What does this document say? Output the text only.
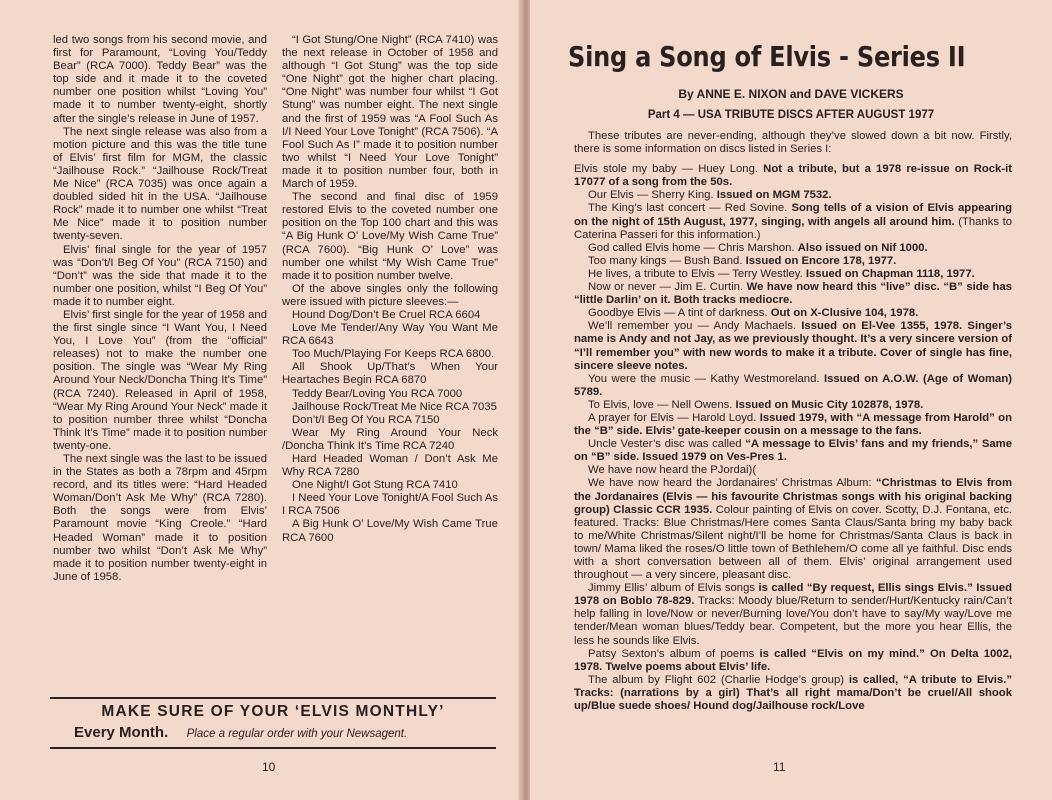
led two songs from his second movie, and first for Paramount, “Loving You/Teddy Bear” (RCA 7000). Teddy Bear” was the top side and it made it to the coveted number one position whilst “Loving You” made it to number twenty-eight, shortly after the single’s release in June of 1957.

The next single release was also from a motion picture and this was the title tune of Elvis’ first film for MGM, the classic “Jailhouse Rock.” “Jailhouse Rock/Treat Me Nice” (RCA 7035) was once again a doubled sided hit in the USA. “Jailhouse Rock” made it to number one whilst “Treat Me Nice” made it to position number twenty-seven.

Elvis’ final single for the year of 1957 was “Don’t/I Beg Of You” (RCA 7150) and “Don’t” was the side that made it to the number one position, whilst “I Beg Of You” made it to number eight.

Elvis’ first single for the year of 1958 and the first single since “I Want You, I Need You, I Love You” (from the “official” releases) not to make the number one position. The single was “Wear My Ring Around Your Neck/Doncha Thing It’s Time” (RCA 7240). Released in April of 1958, “Wear My Ring Around Your Neck” made it to position number three whilst “Doncha Think It’s Time” made it to position number twenty-one.

The next single was the last to be issued in the States as both a 78rpm and 45rpm record, and its titles were: “Hard Headed Woman/Don’t Ask Me Why” (RCA 7280). Both the songs were from Elvis’ Paramount movie “King Creole.” “Hard Headed Woman” made it to position number two whilst “Don’t Ask Me Why” made it to position number twenty-eight in June of 1958.

“I Got Stung/One Night” (RCA 7410) was the next release in October of 1958 and although “I Got Stung” was the top side “One Night” got the higher chart placing. “One Night” was number four whilst “I Got Stung” was number eight. The next single and the first of 1959 was “A Fool Such As I/I Need Your Love Tonight” (RCA 7506). “A Fool Such As I” made it to position number two whilst “I Need Your Love Tonight” made it to position number four, both in March of 1959.

The second and final disc of 1959 restored Elvis to the coveted number one position on the Top 100 chart and this was “A Big Hunk O’ Love/My Wish Came True” (RCA 7600). “Big Hunk O’ Love” was number one whilst “My Wish Came True” made it to position number twelve.

Of the above singles only the following were issued with picture sleeves:—

Hound Dog/Don’t Be Cruel RCA 6604

Love Me Tender/Any Way You Want Me RCA 6643

Too Much/Playing For Keeps RCA 6800.

All Shook Up/That’s When Your Heartaches Begin RCA 6870

Teddy Bear/Loving You RCA 7000

Jailhouse Rock/Treat Me Nice RCA 7035

Don’t/I Beg Of You RCA 7150

Wear My Ring Around Your Neck /Doncha Think It’s Time RCA 7240

Hard Headed Woman / Don’t Ask Me Why RCA 7280

One Night/I Got Stung RCA 7410

I Need Your Love Tonight/A Fool Such As I RCA 7506

A Big Hunk O’ Love/My Wish Came True RCA 7600

MAKE SURE OF YOUR ‘ELVIS MONTHLY’
Every Month. Place a regular order with your Newsagent.
10
Sing a Song of Elvis - Series II
By ANNE E. NIXON and DAVE VICKERS
Part 4 — USA TRIBUTE DISCS AFTER AUGUST 1977

These tributes are never-ending, although they’ve slowed down a bit now. Firstly, there is some information on discs listed in Series I:

Elvis stole my baby — Huey Long. Not a tribute, but a 1978 re-issue on Rock-it 17077 of a song from the 50s.

Our Elvis — Sherry King. Issued on MGM 7532.

The King’s last concert — Red Sovine. Song tells of a vision of Elvis appearing on the night of 15th August, 1977, singing, with angels all around him. (Thanks to Caterina Passeri for this information.)

God called Elvis home — Chris Marshon. Also issued on Nif 1000.

Too many kings — Bush Band. Issued on Encore 178, 1977.

He lives, a tribute to Elvis — Terry Westley. Issued on Chapman 1118, 1977.

Now or never — Jim E. Curtin. We have now heard this “live” disc. “B” side has “little Darlin’ on it. Both tracks mediocre.

Goodbye Elvis — A tint of darkness. Out on X-Clusive 104, 1978.

We’ll remember you — Andy Machaels. Issued on El-Vee 1355, 1978. Singer’s name is Andy and not Jay, as we previously thought. It’s a very sincere version of “I’ll remember you” with new words to make it a tribute. Cover of single has fine, sincere sleeve notes.

You were the music — Kathy Westmoreland. Issued on A.O.W. (Age of Woman) 5789.

To Elvis, love — Nell Owens. Issued on Music City 102878, 1978.

A prayer for Elvis — Harold Loyd. Issued 1979, with “A message from Harold” on the “B” side. Elvis’ gate-keeper cousin on a message to the fans.

Uncle Vester’s disc was called “A message to Elvis’ fans and my friends,” Same on “B” side. Issued 1979 on Ves-Pres 1.

We have now heard the PJordai)(

We have now heard the Jordanaires’ Christmas Album: “Christmas to Elvis from the Jordanaires (Elvis — his favourite Christmas songs with his original backing group) Classic CCR 1935. Colour painting of Elvis on cover. Scotty, D.J. Fontana, etc. featured. Tracks: Blue Christmas/Here comes Santa Claus/Santa bring my baby back to me/White Christmas/Silent night/I’ll be home for Christmas/Santa Claus is back in town/ Mama liked the roses/O little town of Bethlehem/O come all ye faithful. Disc ends with a short conversation between all of them. Elvis’ original arrangement used throughout — a very sincere, pleasant disc.

Jimmy Ellis’ album of Elvis songs is called “By request, Ellis sings Elvis.” Issued 1978 on Boblo 78-829. Tracks: Moody blue/Return to sender/Hurt/Kentucky rain/Can’t help falling in love/Now or never/Burning love/You don’t have to say/My way/Love me tender/Mean woman blues/Teddy bear. Competent, but the more you hear Ellis, the less he sounds like Elvis.

Patsy Sexton’s album of poems is called “Elvis on my mind.” On Delta 1002, 1978. Twelve poems about Elvis’ life.

The album by Flight 602 (Charlie Hodge’s group) is called, “A tribute to Elvis.” Tracks: (narrations by a girl) That’s all right mama/Don’t be cruel/All shook up/Blue suede shoes/ Hound dog/Jailhouse rock/Love

11
